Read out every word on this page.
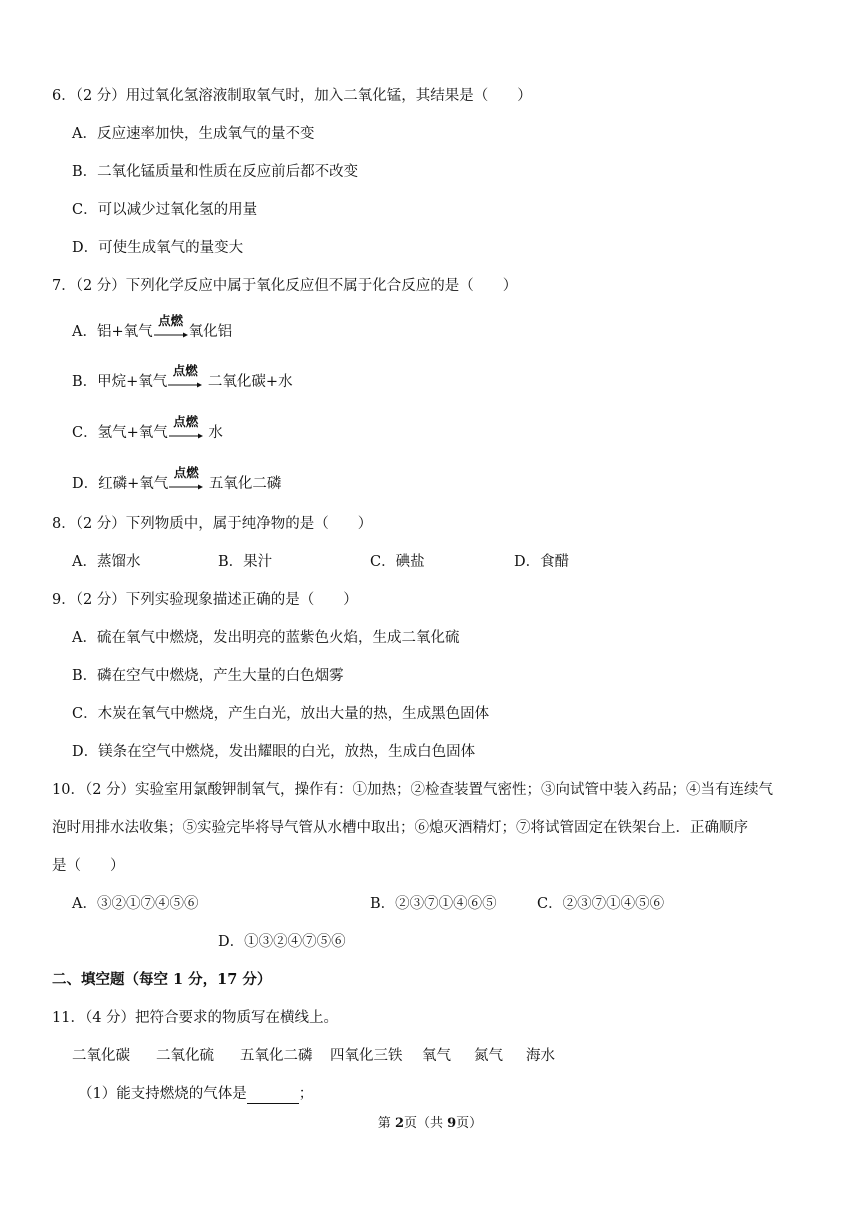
6．（2 分）用过氧化氢溶液制取氧气时，加入二氧化锰，其结果是（　　）
A．反应速率加快，生成氧气的量不变
B．二氧化锰质量和性质在反应前后都不改变
C．可以减少过氧化氢的用量
D．可使生成氧气的量变大
7．（2 分）下列化学反应中属于氧化反应但不属于化合反应的是（　　）
A．铝+氧气
点燃
氧化铝
B．甲烷+氧气
点燃
二氧化碳+水
C．氢气+氧气
点燃
水
D．红磷+氧气
点燃
五氧化二磷
8．（2 分）下列物质中，属于纯净物的是（　　）
A．蒸馏水	B．果汁	C．碘盐	D．食醋
9．（2 分）下列实验现象描述正确的是（　　）
A．硫在氧气中燃烧，发出明亮的蓝紫色火焰，生成二氧化硫
B．磷在空气中燃烧，产生大量的白色烟雾
C．木炭在氧气中燃烧，产生白光，放出大量的热，生成黑色固体
D．镁条在空气中燃烧，发出耀眼的白光，放热，生成白色固体
10．（2 分）实验室用氯酸钾制氧气，操作有：①加热；②检查装置气密性；③向试管中装入药品；④当有连续气
泡时用排水法收集；⑤实验完毕将导气管从水槽中取出；⑥熄灭酒精灯；⑦将试管固定在铁架台上．正确顺序
是（　　）
A．③②①⑦④⑤⑥	B．②③⑦①④⑥⑤	C．②③⑦①④⑤⑥
D．①③②④⑦⑤⑥
二、填空题（每空 1 分，17 分）
11．（4 分）把符合要求的物质写在横线上。
二氧化碳 二氧化硫 五氧化二磷 四氧化三铁 氧气 氮气 海水
（1）能支持燃烧的气体是	；
第 2页（共 9页）
